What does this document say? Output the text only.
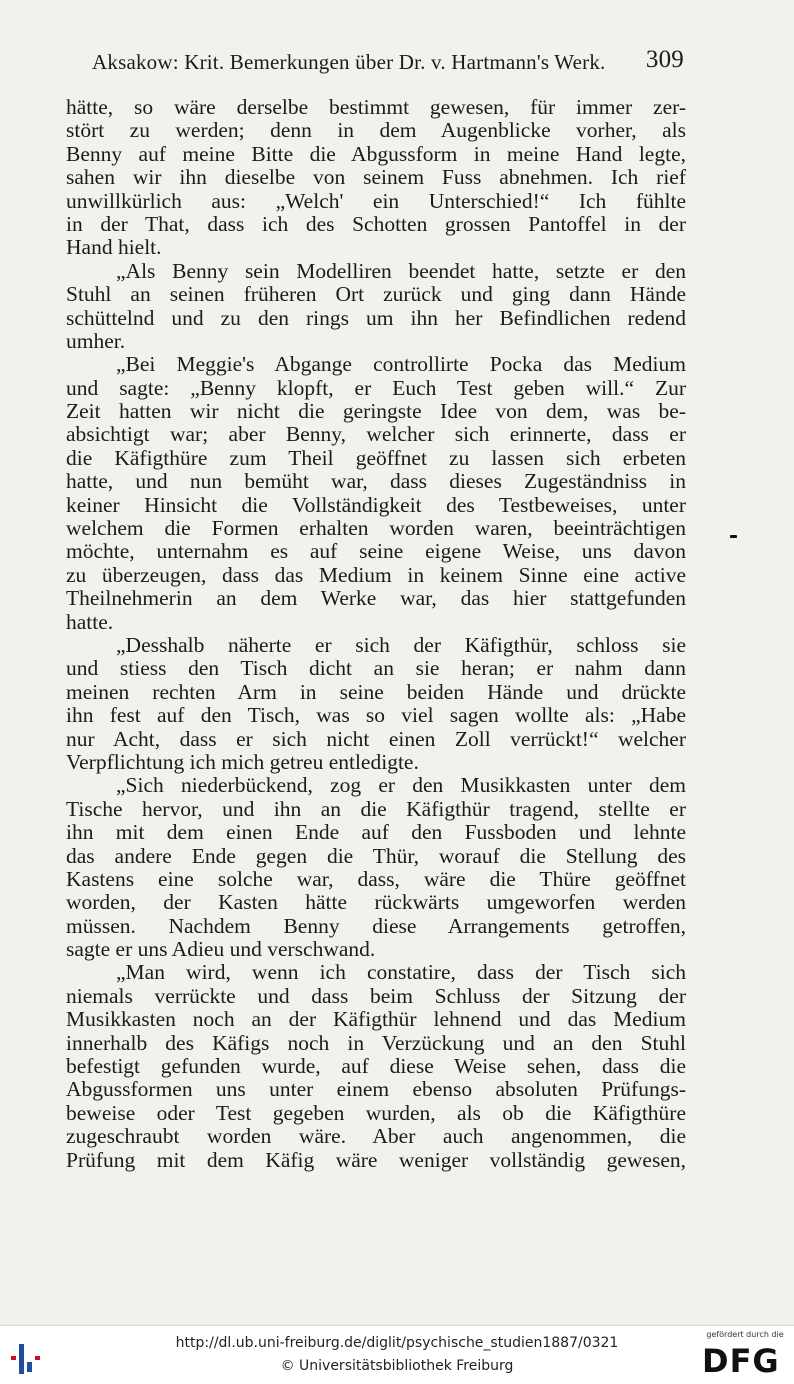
Aksakow: Krit. Bemerkungen über Dr. v. Hartmann's Werk. 309
hätte, so wäre derselbe bestimmt gewesen, für immer zer-
stört zu werden; denn in dem Augenblicke vorher, als
Benny auf meine Bitte die Abgussform in meine Hand legte,
sahen wir ihn dieselbe von seinem Fuss abnehmen. Ich rief
unwillkürlich aus: „Welch' ein Unterschied!“ Ich fühlte
in der That, dass ich des Schotten grossen Pantoffel in der
Hand hielt.
„Als Benny sein Modelliren beendet hatte, setzte er den
Stuhl an seinen früheren Ort zurück und ging dann Hände
schüttelnd und zu den rings um ihn her Befindlichen redend
umher.
„Bei Meggie's Abgange controllirte Pocka das Medium
und sagte: „Benny klopft, er Euch Test geben will.“ Zur
Zeit hatten wir nicht die geringste Idee von dem, was be-
absichtigt war; aber Benny, welcher sich erinnerte, dass er
die Käfigthüre zum Theil geöffnet zu lassen sich erbeten
hatte, und nun bemüht war, dass dieses Zugeständniss in
keiner Hinsicht die Vollständigkeit des Testbeweises, unter
welchem die Formen erhalten worden waren, beeinträchtigen
möchte, unternahm es auf seine eigene Weise, uns davon
zu überzeugen, dass das Medium in keinem Sinne eine active
Theilnehmerin an dem Werke war, das hier stattgefunden
hatte.
„Desshalb näherte er sich der Käfigthür, schloss sie
und stiess den Tisch dicht an sie heran; er nahm dann
meinen rechten Arm in seine beiden Hände und drückte
ihn fest auf den Tisch, was so viel sagen wollte als: „Habe
nur Acht, dass er sich nicht einen Zoll verrückt!“ welcher
Verpflichtung ich mich getreu entledigte.
„Sich niederbückend, zog er den Musikkasten unter dem
Tische hervor, und ihn an die Käfigthür tragend, stellte er
ihn mit dem einen Ende auf den Fussboden und lehnte
das andere Ende gegen die Thür, worauf die Stellung des
Kastens eine solche war, dass, wäre die Thüre geöffnet
worden, der Kasten hätte rückwärts umgeworfen werden
müssen. Nachdem Benny diese Arrangements getroffen,
sagte er uns Adieu und verschwand.
„Man wird, wenn ich constatire, dass der Tisch sich
niemals verrückte und dass beim Schluss der Sitzung der
Musikkasten noch an der Käfigthür lehnend und das Medium
innerhalb des Käfigs noch in Verzückung und an den Stuhl
befestigt gefunden wurde, auf diese Weise sehen, dass die
Abgussformen uns unter einem ebenso absoluten Prüfungs-
beweise oder Test gegeben wurden, als ob die Käfigthüre
zugeschraubt worden wäre. Aber auch angenommen, die
Prüfung mit dem Käfig wäre weniger vollständig gewesen,
http://dl.ub.uni-freiburg.de/diglit/psychische_studien1887/0321
© Universitätsbibliothek Freiburg
gefördert durch die
DFG
